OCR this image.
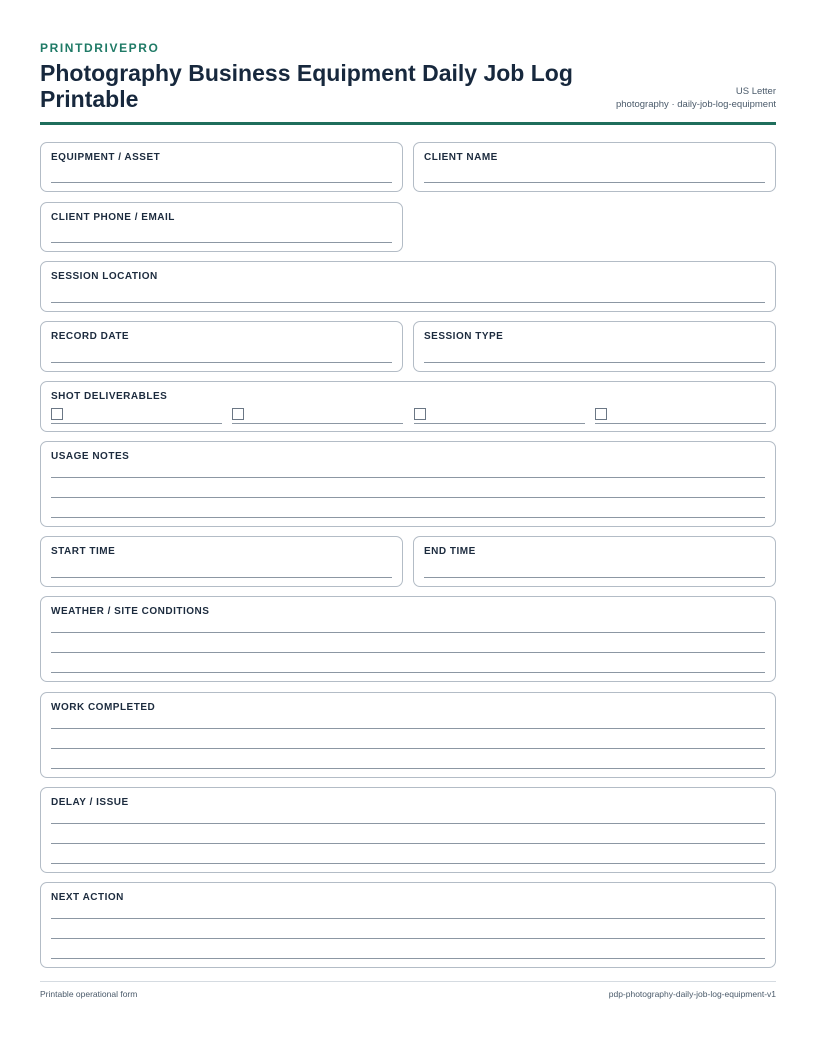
PRINTDRIVEPRO
Photography Business Equipment Daily Job Log Printable	US Letter
photography · daily-job-log-equipment
EQUIPMENT / ASSET	CLIENT NAME
CLIENT PHONE / EMAIL
SESSION LOCATION
RECORD DATE	SESSION TYPE
SHOT DELIVERABLES
USAGE NOTES
START TIME	END TIME
WEATHER / SITE CONDITIONS
WORK COMPLETED
DELAY / ISSUE
NEXT ACTION
Printable operational form	pdp-photography-daily-job-log-equipment-v1
